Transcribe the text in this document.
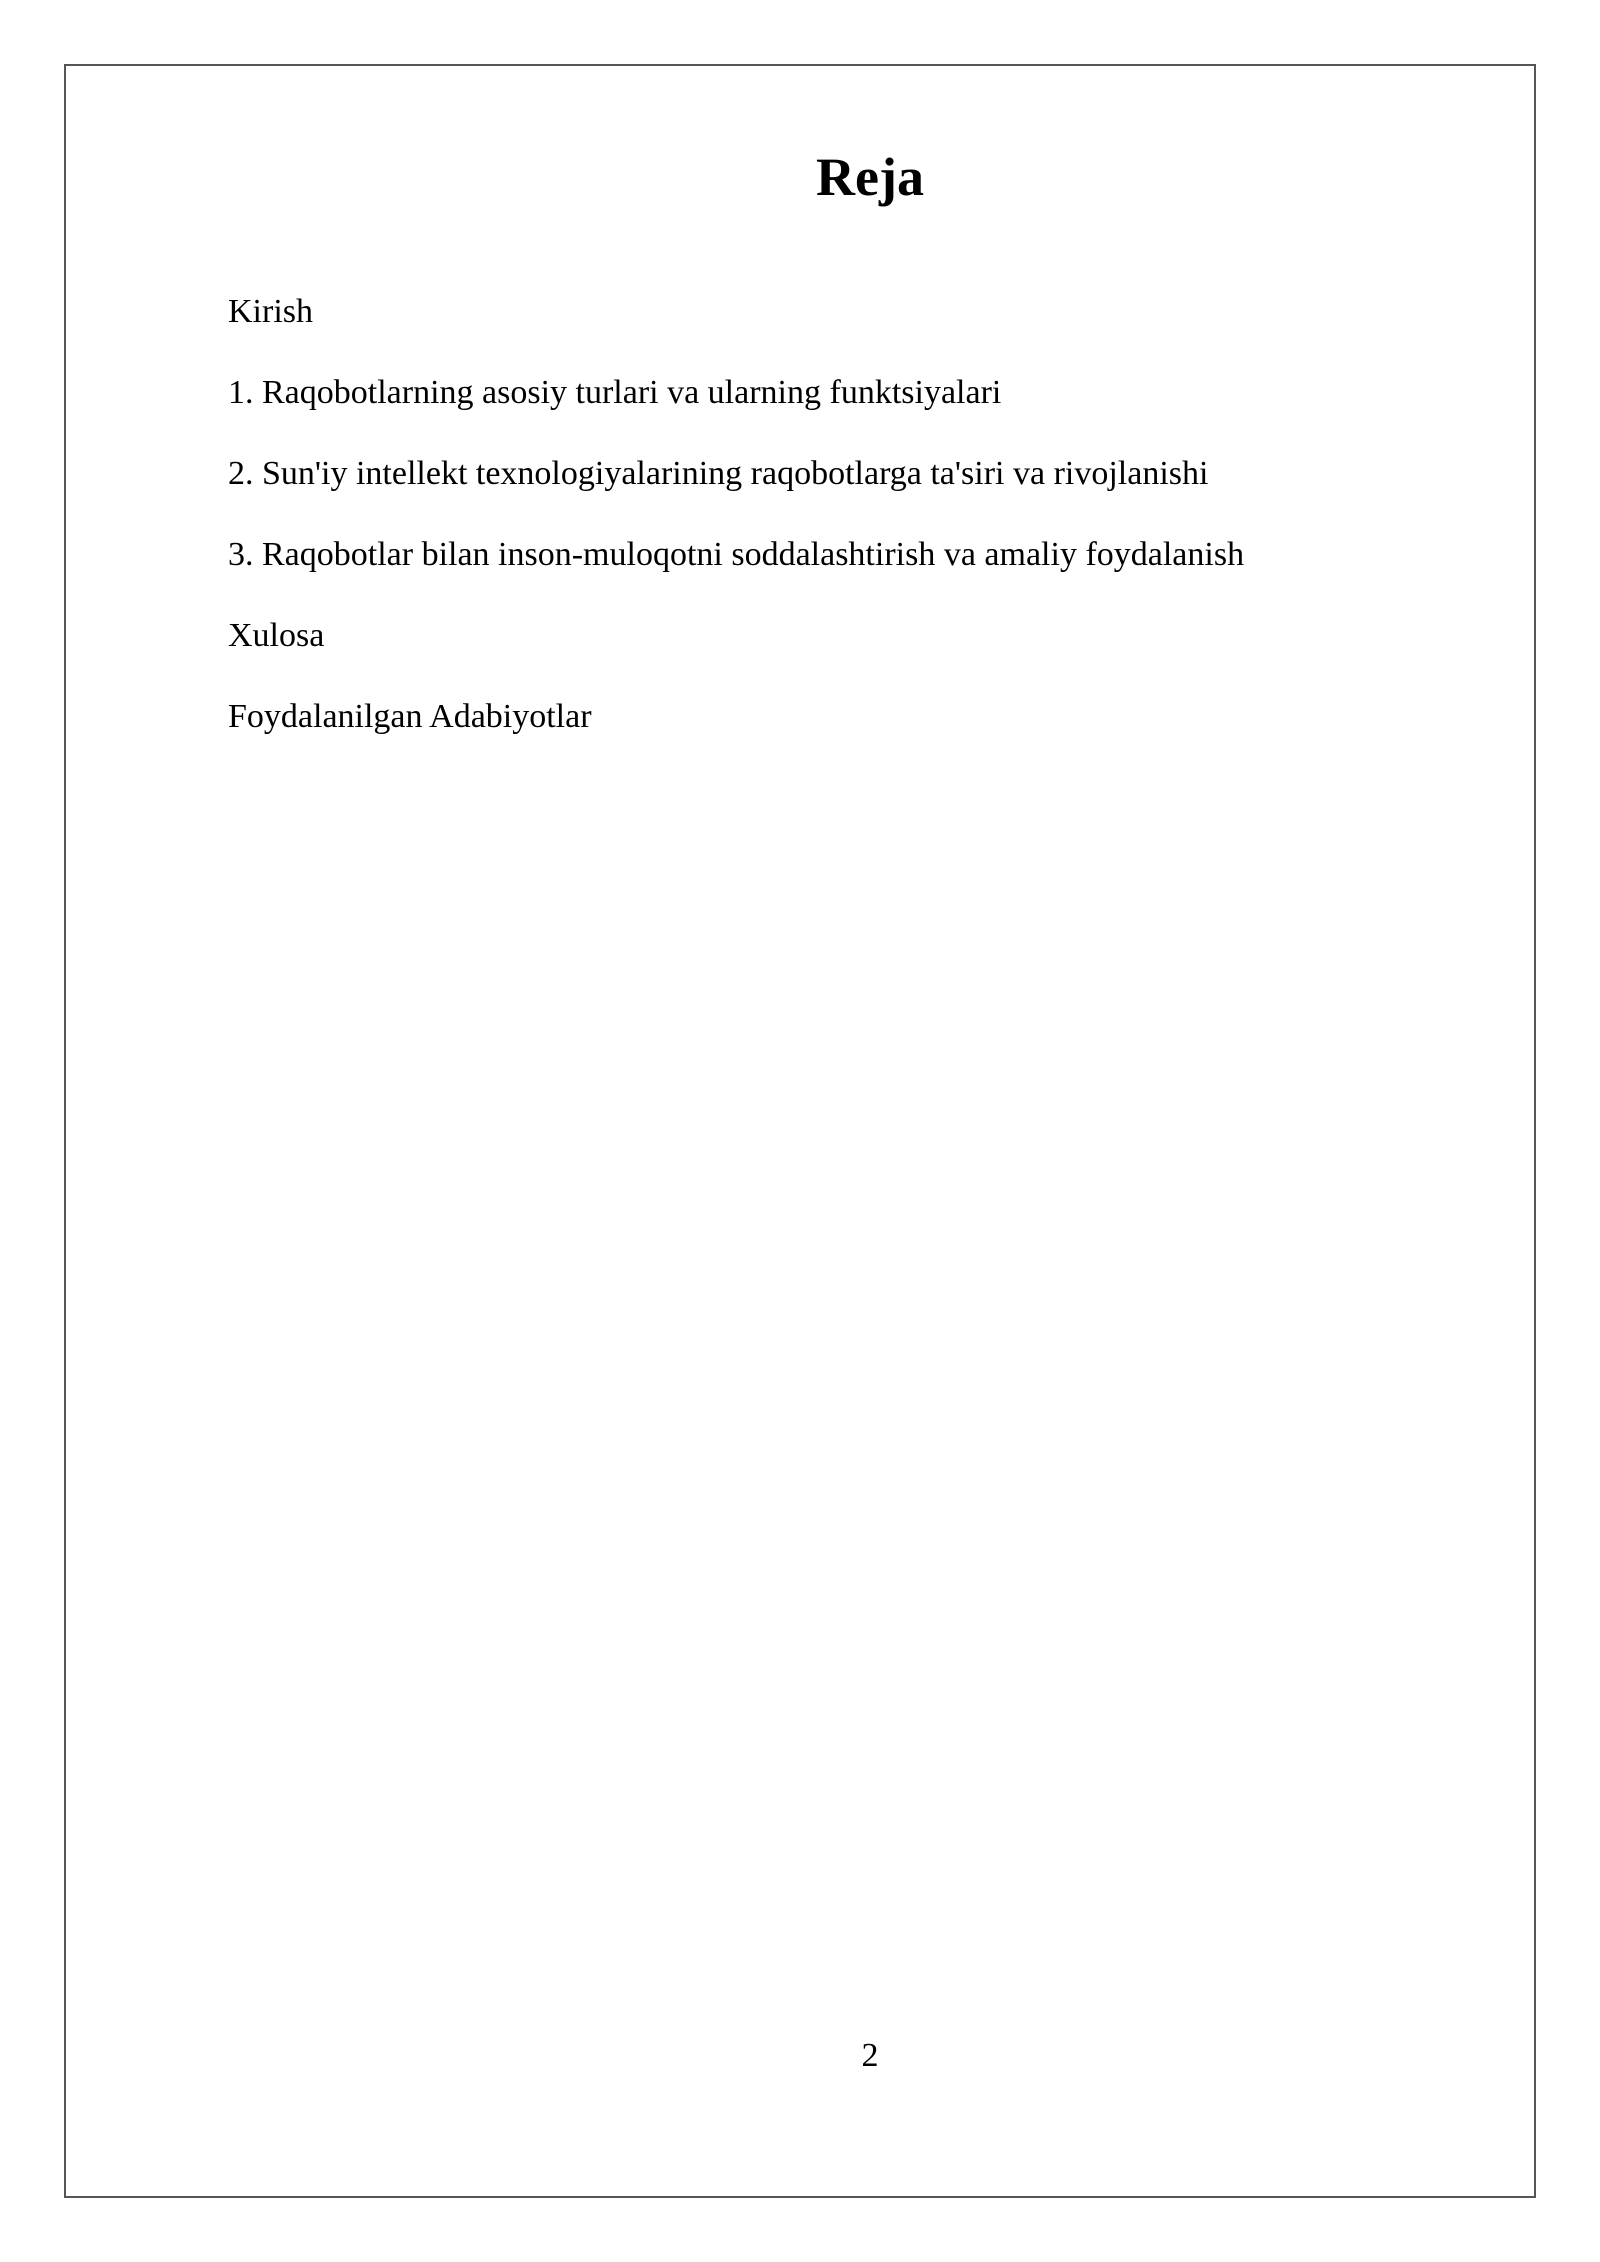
Reja
Kirish
1. Raqobotlarning asosiy turlari va ularning funktsiyalari
2. Sun'iy intellekt texnologiyalarining raqobotlarga ta'siri va rivojlanishi
3. Raqobotlar bilan inson-muloqotni soddalashtirish va amaliy foydalanish
Xulosa
Foydalanilgan Adabiyotlar
2
